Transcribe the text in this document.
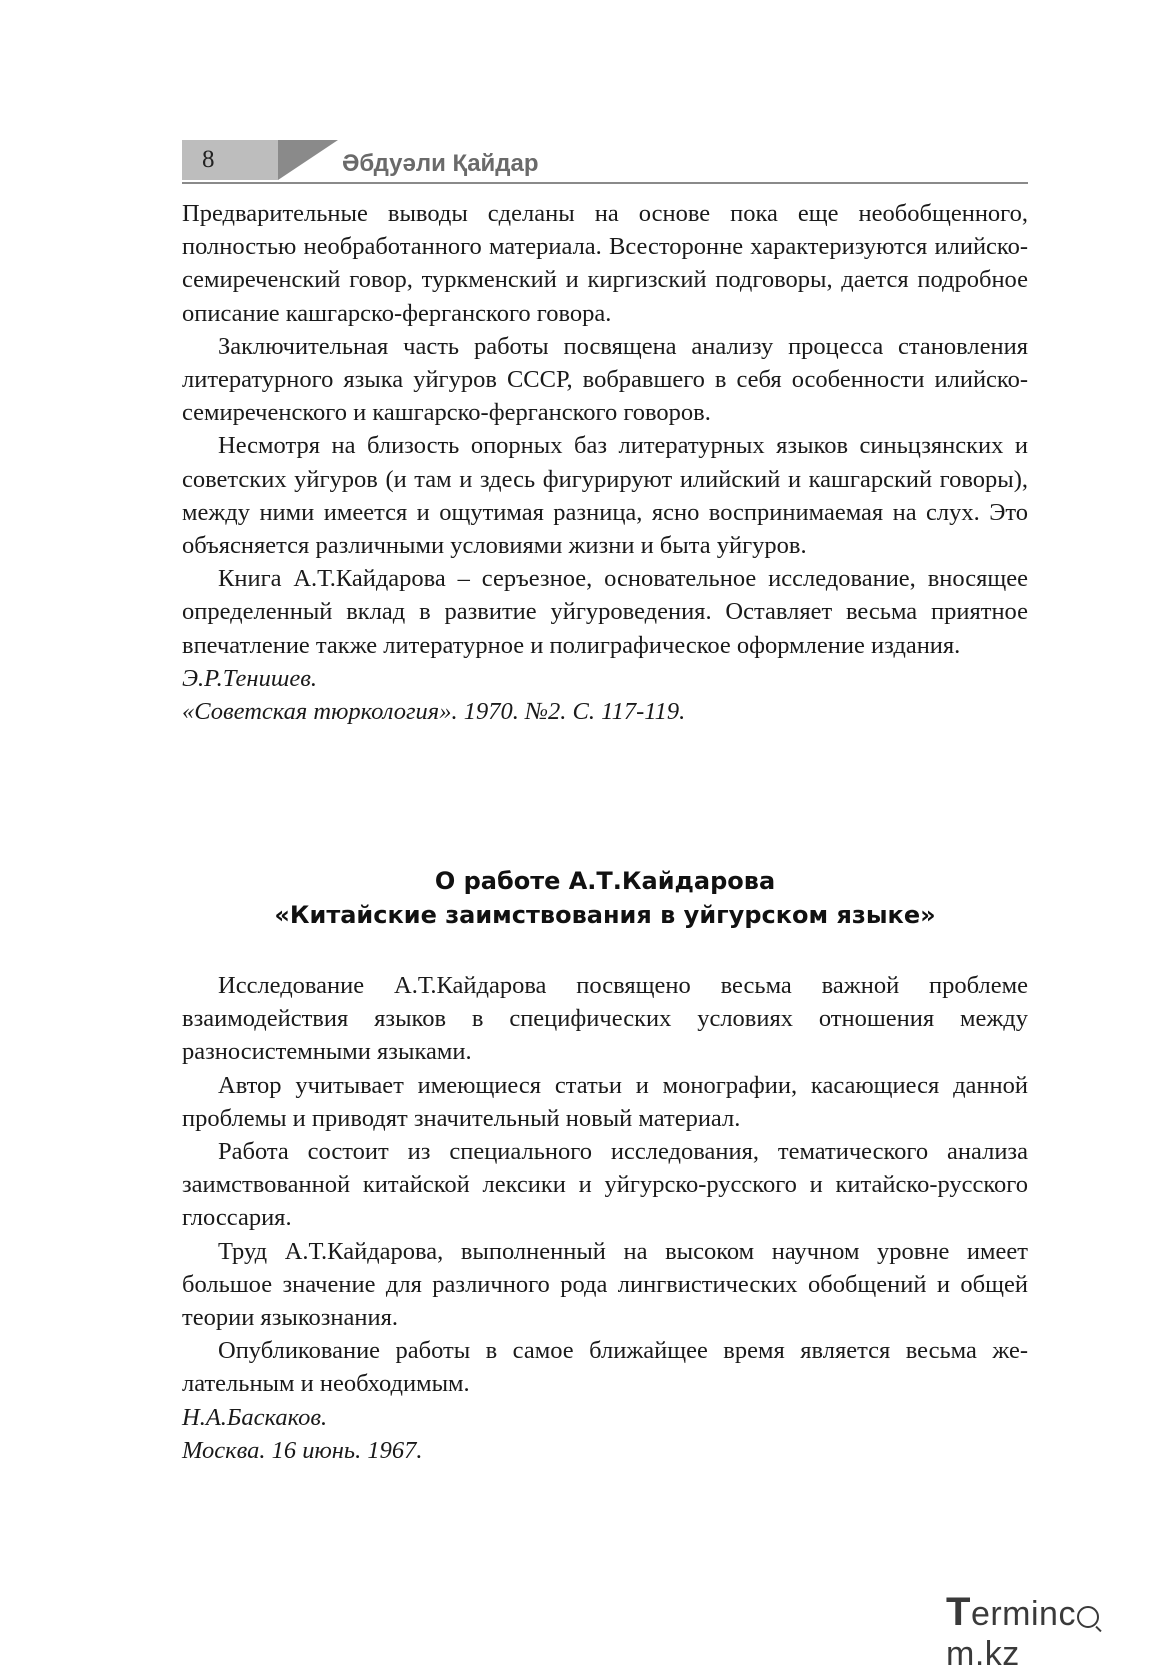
8	Әбдуәли Қайдар

Предварительные выводы сделаны на основе пока еще необобщенного, полностью необработанного материала. Всесторонне характеризуются илийско-семиреченский говор, туркменский и киргизский подговоры, дается подробное описание кашгарско-ферганского говора.

Заключительная часть работы посвящена анализу процесса становления литературного языка уйгуров СССР, вобравшего в себя особенности илийско-семиреченского и кашгарско-ферганского говоров.

Несмотря на близость опорных баз литературных языков синьцзянских и советских уйгуров (и там и здесь фигурируют илийский и кашгарский говоры), между ними имеется и ощутимая разница, ясно воспринимаемая на слух. Это объясняется различными условиями жизни и быта уйгуров.

Книга А.Т.Кайдарова – серъезное, основательное исследование, вносящее определенный вклад в развитие уйгуроведения. Оставляет весьма приятное впечатление также литературное и полиграфическое оформление издания.

Э.Р.Тенишев.

«Советская тюркология». 1970. №2. С. 117-119.

О работе А.Т.Кайдарова
«Китайские заимствования в уйгурском языке»

Исследование А.Т.Кайдарова посвящено весьма важной проблеме взаимодействия языков в специфических условиях отношения между разносистемными языками.

Автор учитывает имеющиеся статьи и монографии, касающиеся данной проблемы и приводят значительный новый материал.

Работа состоит из специального исследования, тематического анализа заимствованной китайской лексики и уйгурско-русского и китайско-русского глоссария.

Труд А.Т.Кайдарова, выполненный на высоком научном уровне имеет большое значение для различного рода лингвистических обобщений и общей теории языкознания.

Опубликование работы в самое ближайщее время является весьма желательным и необходимым.

Н.А.Баскаков.

Москва. 16 июнь. 1967.

Termincm.kz
